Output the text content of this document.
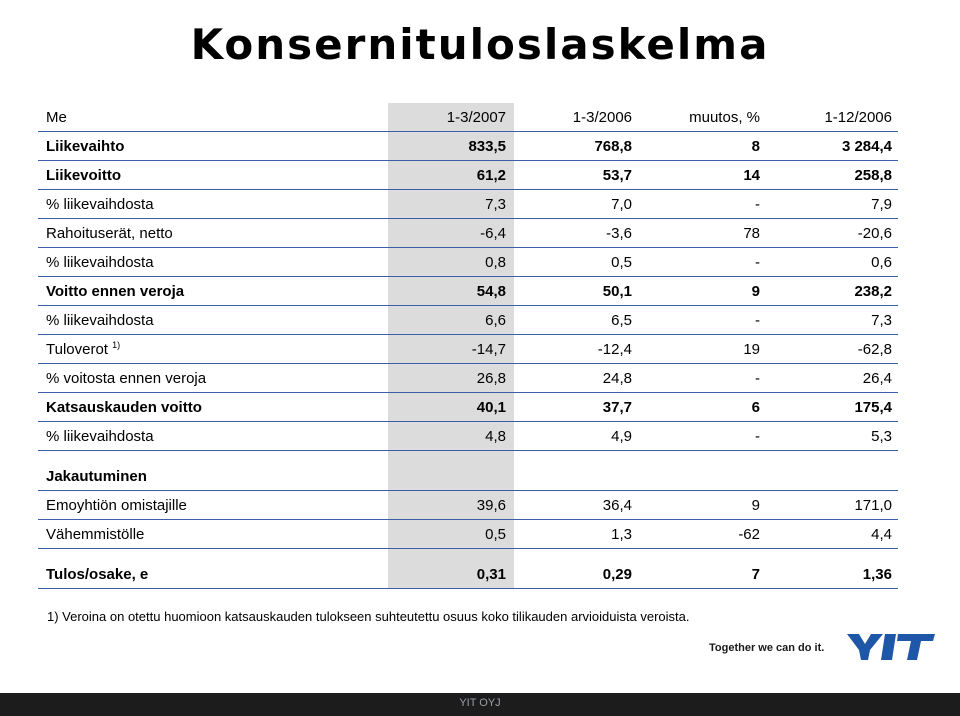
Konsernituloslaskelma
Me	1-3/2007	1-3/2006	muutos, %	1-12/2006
Liikevaihto	833,5	768,8	8	3 284,4
Liikevoitto	61,2	53,7	14	258,8
% liikevaihdosta	7,3	7,0	-	7,9
Rahoituserät, netto	-6,4	-3,6	78	-20,6
% liikevaihdosta	0,8	0,5	-	0,6
Voitto ennen veroja	54,8	50,1	9	238,2
% liikevaihdosta	6,6	6,5	-	7,3
Tuloverot $^{1)}$	-14,7	-12,4	19	-62,8
% voitosta ennen veroja	26,8	24,8	-	26,4
Katsauskauden voitto	40,1	37,7	6	175,4
% liikevaihdosta	4,8	4,9	-	5,3
Jakautuminen
Emoyhtiön omistajille	39,6	36,4	9	171,0
Vähemmistölle	0,5	1,3	-62	4,4
Tulos/osake, e	0,31	0,29	7	1,36
1) Veroina on otettu huomioon katsauskauden tulokseen suhteutettu osuus koko tilikauden arvioiduista veroista.
Together we can do it.
YIT OYJ
